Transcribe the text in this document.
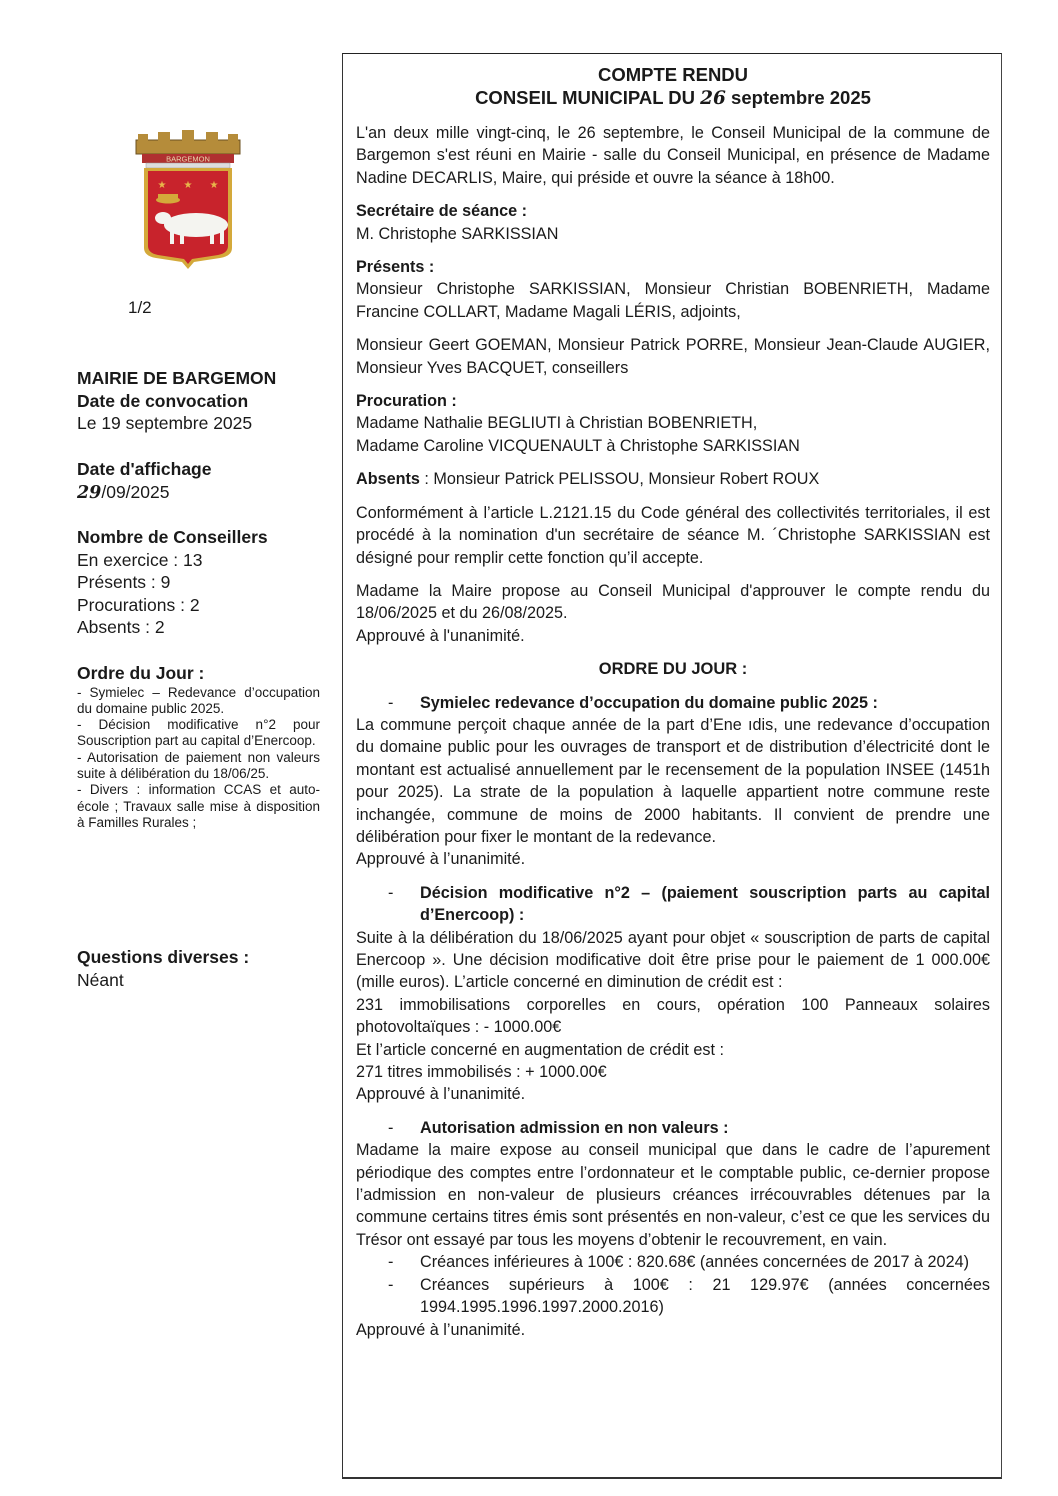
BARGEMON
★ ★ ★
1/2
MAIRIE DE BARGEMON
Date de convocation
Le 19 septembre 2025
Date d'affichage
29/09/2025
Nombre de Conseillers
En exercice : 13
Présents : 9
Procurations : 2
Absents : 2
Ordre du Jour :
- Symielec – Redevance d’occupation du domaine public 2025.
- Décision modificative n°2 pour Souscription part au capital d’Enercoop.
- Autorisation de paiement non valeurs suite à délibération du 18/06/25.
- Divers : information CCAS et auto-école ; Travaux salle mise à disposition à Familles Rurales ;
Questions diverses :
Néant
COMPTE RENDU
CONSEIL MUNICIPAL DU 26 septembre 2025

L'an deux mille vingt-cinq, le 26 septembre, le Conseil Municipal de la commune de Bargemon s'est réuni en Mairie - salle du Conseil Municipal, en présence de Madame Nadine DECARLIS, Maire, qui préside et ouvre la séance à 18h00.

Secrétaire de séance :
M. Christophe SARKISSIAN
Présents :

Monsieur Christophe SARKISSIAN, Monsieur Christian BOBENRIETH, Madame Francine COLLART, Madame Magali LÉRIS, adjoints,

Monsieur Geert GOEMAN, Monsieur Patrick PORRE, Monsieur Jean-Claude AUGIER, Monsieur Yves BACQUET, conseillers

Procuration :
Madame Nathalie BEGLIUTI à Christian BOBENRIETH,
Madame Caroline VICQUENAULT à Christophe SARKISSIAN
Absents : Monsieur Patrick PELISSOU, Monsieur Robert ROUX

Conformément à l’article L.2121.15 du Code général des collectivités territoriales, il est procédé à la nomination d'un secrétaire de séance M. ´Christophe SARKISSIAN est désigné pour remplir cette fonction qu’il accepte.

Madame la Maire propose au Conseil Municipal d'approuver le compte rendu du 18/06/2025 et du 26/08/2025.

Approuvé à l'unanimité.
ORDRE DU JOUR :
-	Symielec redevance d’occupation du domaine public 2025 :

La commune perçoit chaque année de la part d’Ene ıdis, une redevance d’occupation du domaine public pour les ouvrages de transport et de distribution d’électricité dont le montant est actualisé annuellement par le recensement de la population INSEE (1451h pour 2025). La strate de la population à laquelle appartient notre commune reste inchangée, commune de moins de 2000 habitants. Il convient de prendre une délibération pour fixer le montant de la redevance.

Approuvé à l’unanimité.
-	Décision modificative n°2 – (paiement souscription parts au capital d’Enercoop) :

Suite à la délibération du 18/06/2025 ayant pour objet « souscription de parts de capital Enercoop ». Une décision modificative doit être prise pour le paiement de 1 000.00€ (mille euros). L’article concerné en diminution de crédit est :

231 immobilisations corporelles en cours, opération 100 Panneaux solaires photovoltaïques : - 1000.00€

Et l’article concerné en augmentation de crédit est :
271 titres immobilisés : + 1000.00€
Approuvé à l’unanimité.
-	Autorisation admission en non valeurs :

Madame la maire expose au conseil municipal que dans le cadre de l’apurement périodique des comptes entre l’ordonnateur et le comptable public, ce-dernier propose l’admission en non-valeur de plusieurs créances irrécouvrables détenues par la commune certains titres émis sont présentés en non-valeur, c’est ce que les services du Trésor ont essayé par tous les moyens d’obtenir le recouvrement, en vain.

-	Créances inférieures à 100€ : 820.68€ (années concernées de 2017 à 2024)
-	Créances supérieurs à 100€ : 21 129.97€ (années concernées 1994.1995.1996.1997.2000.2016)
Approuvé à l’unanimité.
